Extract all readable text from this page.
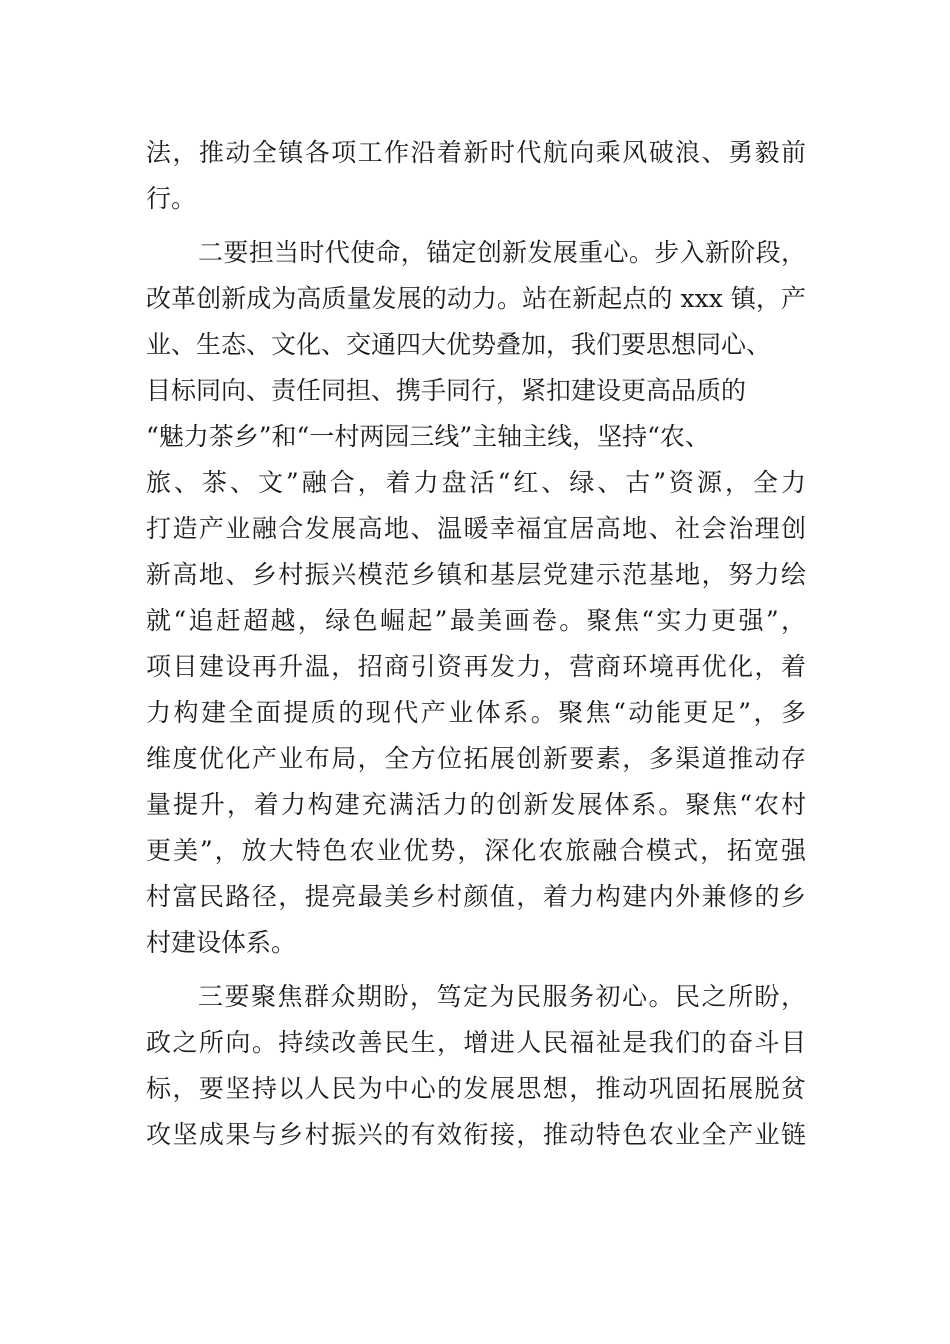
法，推动全镇各项工作沿着新时代航向乘风破浪、勇毅前
行。
二要担当时代使命，锚定创新发展重心。步入新阶段，
改革创新成为高质量发展的动力。站在新起点的 xxx 镇，产
业、生态、文化、交通四大优势叠加，我们要思想同心、
目标同向、责任同担、携手同行，紧扣建设更高品质的
“魅力茶乡”和“一村两园三线”主轴主线，坚持“农、
旅、茶、文”融合，着力盘活“红、绿、古”资源，全力
打造产业融合发展高地、温暖幸福宜居高地、社会治理创
新高地、乡村振兴模范乡镇和基层党建示范基地，努力绘
就“追赶超越，绿色崛起”最美画卷。聚焦“实力更强”，
项目建设再升温，招商引资再发力，营商环境再优化，着
力构建全面提质的现代产业体系。聚焦“动能更足”，多
维度优化产业布局，全方位拓展创新要素，多渠道推动存
量提升，着力构建充满活力的创新发展体系。聚焦“农村
更美”，放大特色农业优势，深化农旅融合模式，拓宽强
村富民路径，提亮最美乡村颜值，着力构建内外兼修的乡
村建设体系。
三要聚焦群众期盼，笃定为民服务初心。民之所盼，
政之所向。持续改善民生，增进人民福祉是我们的奋斗目
标，要坚持以人民为中心的发展思想，推动巩固拓展脱贫
攻坚成果与乡村振兴的有效衔接，推动特色农业全产业链
